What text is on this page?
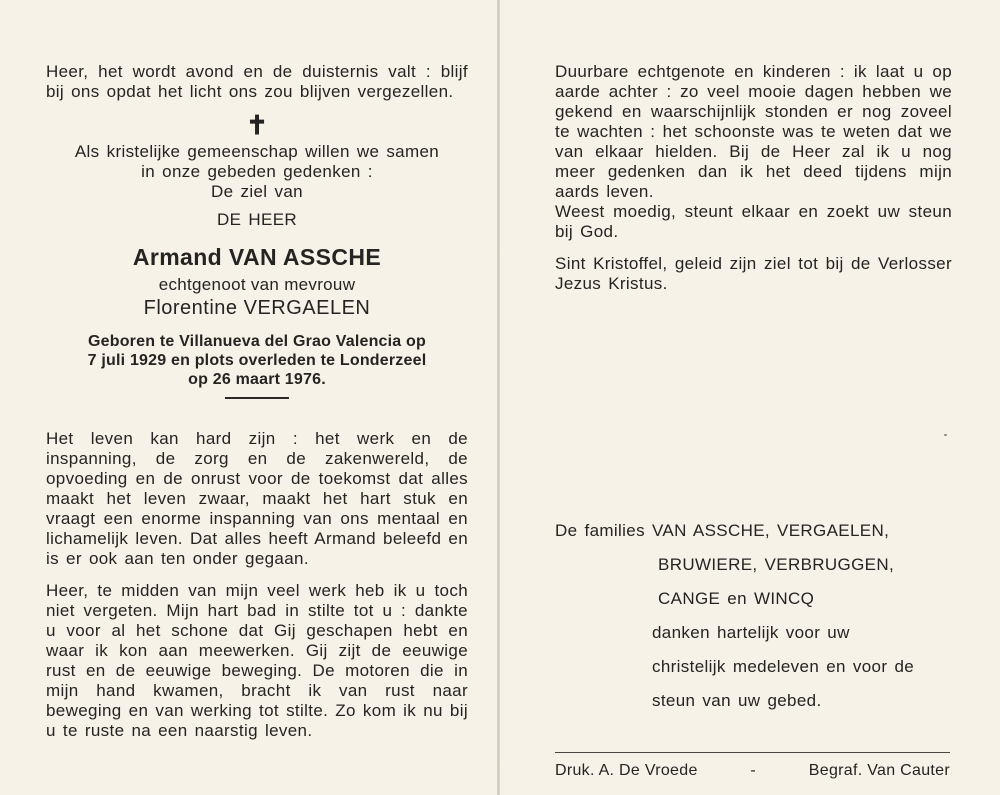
Heer, het wordt avond en de duisternis valt : blijf bij ons opdat het licht ons zou blijven vergezellen.

✝
Als kristelijke gemeenschap willen we samen
in onze gebeden gedenken :
De ziel van
DE HEER
Armand VAN ASSCHE
echtgenoot van mevrouw
Florentine VERGAELEN
Geboren te Villanueva del Grao Valencia op
7 juli 1929 en plots overleden te Londerzeel
op 26 maart 1976.

Het leven kan hard zijn : het werk en de inspanning, de zorg en de zakenwereld, de opvoeding en de onrust voor de toekomst dat alles maakt het leven zwaar, maakt het hart stuk en vraagt een enorme inspanning van ons mentaal en lichamelijk leven. Dat alles heeft Armand beleefd en is er ook aan ten onder gegaan.

Heer, te midden van mijn veel werk heb ik u toch niet vergeten. Mijn hart bad in stilte tot u : dankte u voor al het schone dat Gij geschapen hebt en waar ik kon aan meewerken. Gij zijt de eeuwige rust en de eeuwige beweging. De motoren die in mijn hand kwamen, bracht ik van rust naar beweging en van werking tot stilte. Zo kom ik nu bij u te ruste na een naarstig leven.

Duurbare echtgenote en kinderen : ik laat u op aarde achter : zo veel mooie dagen hebben we gekend en waarschijnlijk stonden er nog zoveel te wachten : het schoonste was te weten dat we van elkaar hielden. Bij de Heer zal ik u nog meer gedenken dan ik het deed tijdens mijn aards leven.

Weest moedig, steunt elkaar en zoekt uw steun bij God.

Sint Kristoffel, geleid zijn ziel tot bij de Verlosser Jezus Kristus.

De families VAN ASSCHE, VERGAELEN,
BRUWIERE, VERBRUGGEN,
CANGE en WINCQ
danken hartelijk voor uw
christelijk medeleven en voor de
steun van uw gebed.
Druk. A. De Vroede	-	Begraf. Van Cauter
